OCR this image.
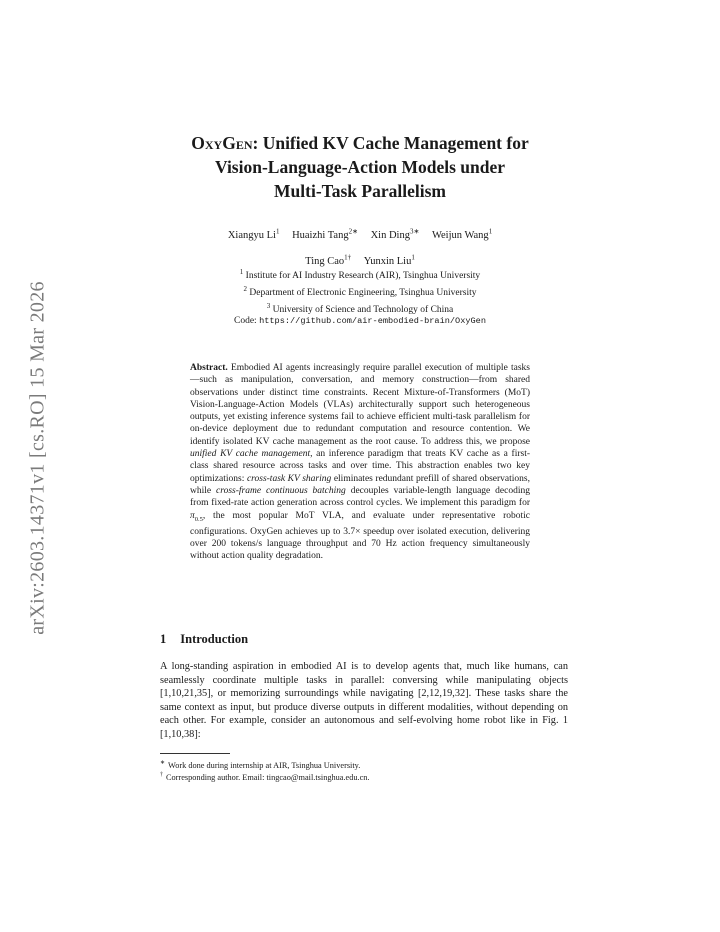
arXiv:2603.14371v1 [cs.RO] 15 Mar 2026
OxyGen: Unified KV Cache Management for
Vision-Language-Action Models under
Multi-Task Parallelism
Xiangyu Li$^1$ Huaizhi Tang$^{2∗}$ Xin Ding$^{3∗}$ Weijun Wang$^1$
Ting Cao$^{1\dagger}$ Yunxin Liu$^1$
$^1$ Institute for AI Industry Research (AIR), Tsinghua University
$^2$ Department of Electronic Engineering, Tsinghua University
$^3$ University of Science and Technology of China
Code: https://github.com/air-embodied-brain/OxyGen
Abstract. Embodied AI agents increasingly require parallel execution of multiple tasks—such as manipulation, conversation, and memory construction—from shared observations under distinct time constraints. Recent Mixture-of-Transformers (MoT) Vision-Language-Action Models (VLAs) architecturally support such heterogeneous outputs, yet existing inference systems fail to achieve efficient multi-task parallelism for on-device deployment due to redundant computation and resource contention. We identify isolated KV cache management as the root cause. To address this, we propose unified KV cache management, an inference paradigm that treats KV cache as a first-class shared resource across tasks and over time. This abstraction enables two key optimizations: cross-task KV sharing eliminates redundant prefill of shared observations, while cross-frame continuous batching decouples variable-length language decoding from fixed-rate action generation across control cycles. We implement this paradigm for $\pi_{0.5}$, the most popular MoT VLA, and evaluate under representative robotic configurations. OxyGen achieves up to 3.7× speedup over isolated execution, delivering over 200 tokens/s language throughput and 70 Hz action frequency simultaneously without action quality degradation.
1 Introduction
A long-standing aspiration in embodied AI is to develop agents that, much like humans, can seamlessly coordinate multiple tasks in parallel: conversing while manipulating objects [1,10,21,35], or memorizing surroundings while navigating [2,12,19,32]. These tasks share the same context as input, but produce diverse outputs in different modalities, without depending on each other. For example, consider an autonomous and self-evolving home robot like in Fig. 1 [1,10,38]:
∗ Work done during internship at AIR, Tsinghua University.
† Corresponding author. Email: tingcao@mail.tsinghua.edu.cn.
